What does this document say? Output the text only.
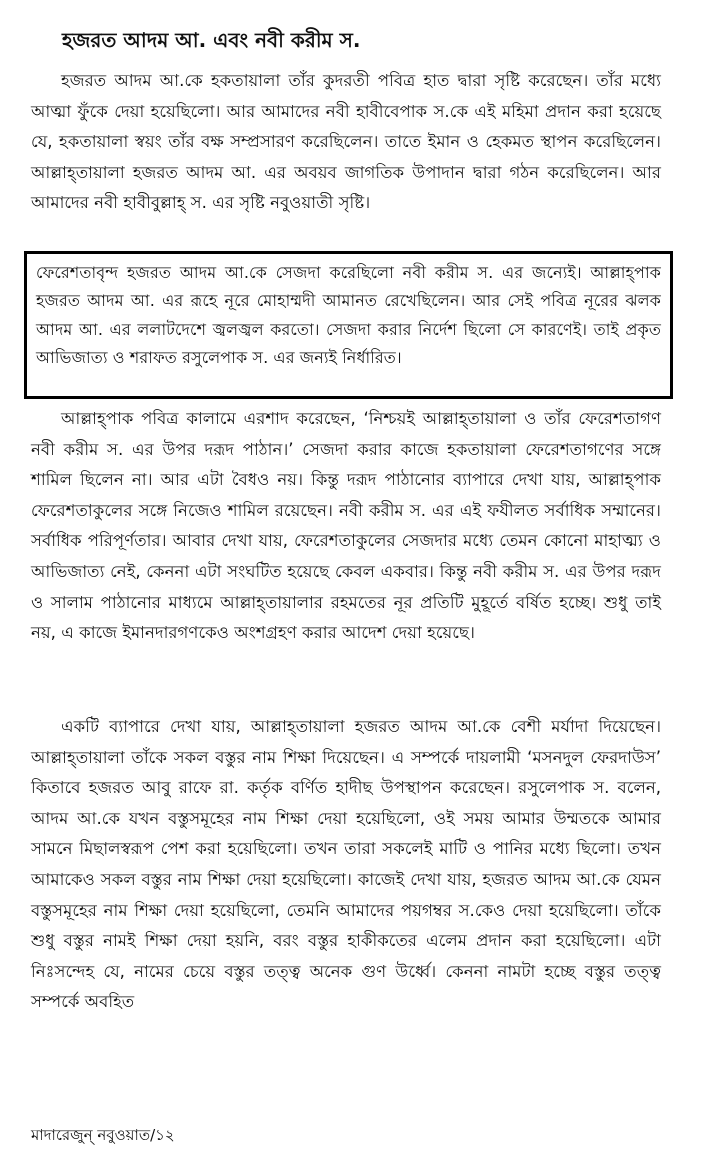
হজরত আদম আ. এবং নবী করীম স.

হজরত আদম আ.কে হকতায়ালা তাঁর কুদরতী পবিত্র হাত দ্বারা সৃষ্টি করেছেন। তাঁর মধ্যে আত্মা ফুঁকে দেয়া হয়েছিলো। আর আমাদের নবী হাবীবেপাক স.কে এই মহিমা প্রদান করা হয়েছে যে, হকতায়ালা স্বয়ং তাঁর বক্ষ সম্প্রসারণ করেছিলেন। তাতে ইমান ও হেকমত স্থাপন করেছিলেন। আল্লাহ্তায়ালা হজরত আদম আ. এর অবয়ব জাগতিক উপাদান দ্বারা গঠন করেছিলেন। আর আমাদের নবী হাবীবুল্লাহ্ স. এর সৃষ্টি নবুওয়াতী সৃষ্টি।

ফেরেশতাবৃন্দ হজরত আদম আ.কে সেজদা করেছিলো নবী করীম স. এর জন্যেই। আল্লাহ্পাক হজরত আদম আ. এর রূহে নূরে মোহাম্মদী আমানত রেখেছিলেন। আর সেই পবিত্র নূরের ঝলক আদম আ. এর ললাটদেশে জ্বলজ্বল করতো। সেজদা করার নির্দেশ ছিলো সে কারণেই। তাই প্রকৃত আভিজাত্য ও শরাফত রসুলেপাক স. এর জন্যই নির্ধারিত।

আল্লাহ্পাক পবিত্র কালামে এরশাদ করেছেন, ‘নিশ্চয়ই আল্লাহ্তায়ালা ও তাঁর ফেরেশতাগণ নবী করীম স. এর উপর দরূদ পাঠান।’ সেজদা করার কাজে হকতায়ালা ফেরেশতাগণের সঙ্গে শামিল ছিলেন না। আর এটা বৈধও নয়। কিন্তু দরূদ পাঠানোর ব্যাপারে দেখা যায়, আল্লাহ্পাক ফেরেশতাকুলের সঙ্গে নিজেও শামিল রয়েছেন। নবী করীম স. এর এই ফযীলত সর্বাধিক সম্মানের। সর্বাধিক পরিপূর্ণতার। আবার দেখা যায়, ফেরেশতাকুলের সেজদার মধ্যে তেমন কোনো মাহাত্ম্য ও আভিজাত্য নেই, কেননা এটা সংঘটিত হয়েছে কেবল একবার। কিন্তু নবী করীম স. এর উপর দরূদ ও সালাম পাঠানোর মাধ্যমে আল্লাহ্তায়ালার রহমতের নূর প্রতিটি মুহূর্তে বর্ষিত হচ্ছে। শুধু তাই নয়, এ কাজে ইমানদারগণকেও অংশগ্রহণ করার আদেশ দেয়া হয়েছে।

একটি ব্যাপারে দেখা যায়, আল্লাহ্তায়ালা হজরত আদম আ.কে বেশী মর্যাদা দিয়েছেন। আল্লাহ্তায়ালা তাঁকে সকল বস্তুর নাম শিক্ষা দিয়েছেন। এ সম্পর্কে দায়লামী ‘মসনদুল ফেরদাউস’ কিতাবে হজরত আবু রাফে রা. কর্তৃক বর্ণিত হাদীছ উপস্থাপন করেছেন। রসুলেপাক স. বলেন, আদম আ.কে যখন বস্তুসমূহের নাম শিক্ষা দেয়া হয়েছিলো, ওই সময় আমার উম্মতকে আমার সামনে মিছালস্বরূপ পেশ করা হয়েছিলো। তখন তারা সকলেই মাটি ও পানির মধ্যে ছিলো। তখন আমাকেও সকল বস্তুর নাম শিক্ষা দেয়া হয়েছিলো। কাজেই দেখা যায়, হজরত আদম আ.কে যেমন বস্তুসমূহের নাম শিক্ষা দেয়া হয়েছিলো, তেমনি আমাদের পয়গম্বর স.কেও দেয়া হয়েছিলো। তাঁকে শুধু বস্তুর নামই শিক্ষা দেয়া হয়নি, বরং বস্তুর হাকীকতের এলেম প্রদান করা হয়েছিলো। এটা নিঃসন্দেহ যে, নামের চেয়ে বস্তুর তত্ত্ব অনেক গুণ উর্ধ্বে। কেননা নামটা হচ্ছে বস্তুর তত্ত্ব সম্পর্কে অবহিত

মাদারেজুন্ নবুওয়াত/১২
